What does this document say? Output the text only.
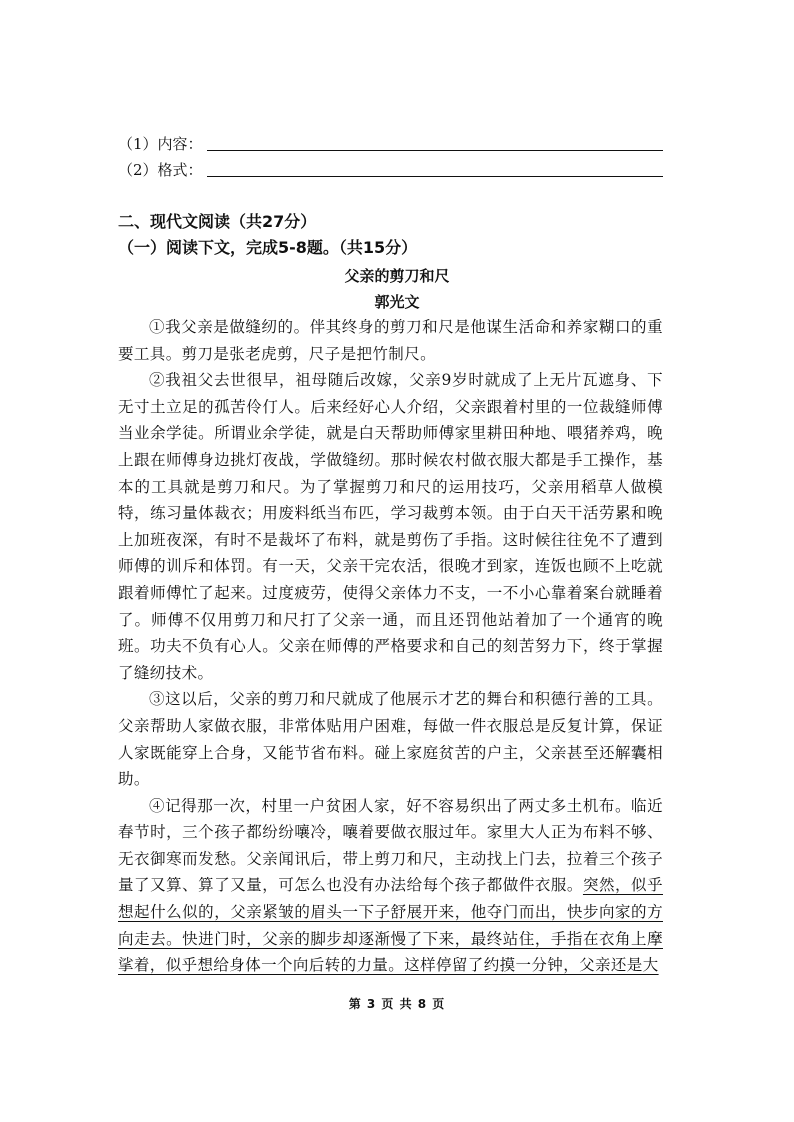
（1）内容：
（2）格式：
二、现代文阅读（共27分）
（一）阅读下文，完成5-8题。（共15分）
父亲的剪刀和尺
郭光文

①我父亲是做缝纫的。伴其终身的剪刀和尺是他谋生活命和养家糊口的重要工具。剪刀是张老虎剪，尺子是把竹制尺。

②我祖父去世很早，祖母随后改嫁，父亲9岁时就成了上无片瓦遮身、下无寸土立足的孤苦伶仃人。后来经好心人介绍，父亲跟着村里的一位裁缝师傅当业余学徒。所谓业余学徒，就是白天帮助师傅家里耕田种地、喂猪养鸡，晚上跟在师傅身边挑灯夜战，学做缝纫。那时候农村做衣服大都是手工操作，基本的工具就是剪刀和尺。为了掌握剪刀和尺的运用技巧，父亲用稻草人做模特，练习量体裁衣；用废料纸当布匹，学习裁剪本领。由于白天干活劳累和晚上加班夜深，有时不是裁坏了布料，就是剪伤了手指。这时候往往免不了遭到师傅的训斥和体罚。有一天，父亲干完农活，很晚才到家，连饭也顾不上吃就跟着师傅忙了起来。过度疲劳，使得父亲体力不支，一不小心靠着案台就睡着了。师傅不仅用剪刀和尺打了父亲一通，而且还罚他站着加了一个通宵的晚班。功夫不负有心人。父亲在师傅的严格要求和自己的刻苦努力下，终于掌握了缝纫技术。

③这以后，父亲的剪刀和尺就成了他展示才艺的舞台和积德行善的工具。父亲帮助人家做衣服，非常体贴用户困难，每做一件衣服总是反复计算，保证人家既能穿上合身，又能节省布料。碰上家庭贫苦的户主，父亲甚至还解囊相助。

④记得那一次，村里一户贫困人家，好不容易织出了两丈多土机布。临近春节时，三个孩子都纷纷嚷冷，嚷着要做衣服过年。家里大人正为布料不够、无衣御寒而发愁。父亲闻讯后，带上剪刀和尺，主动找上门去，拉着三个孩子量了又算、算了又量，可怎么也没有办法给每个孩子都做件衣服。突然，似乎想起什么似的，父亲紧皱的眉头一下子舒展开来，他夺门而出，快步向家的方向走去。快进门时，父亲的脚步却逐渐慢了下来，最终站住，手指在衣角上摩挲着，似乎想给身体一个向后转的力量。这样停留了约摸一分钟，父亲还是大

第 3 页 共 8 页
